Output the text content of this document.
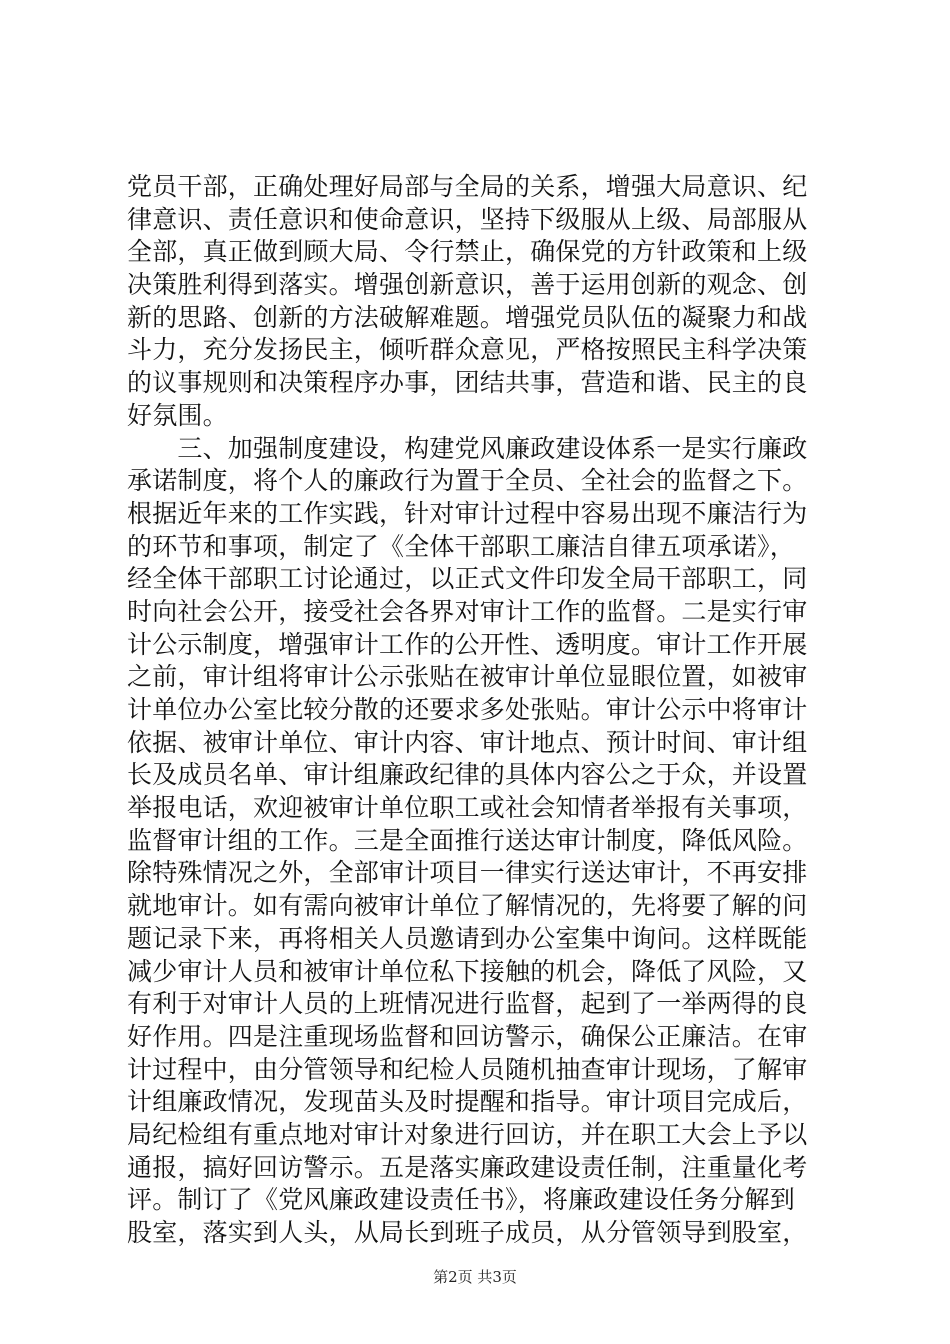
党员干部，正确处理好局部与全局的关系，增强大局意识、纪
律意识、责任意识和使命意识，坚持下级服从上级、局部服从
全部，真正做到顾大局、令行禁止，确保党的方针政策和上级
决策胜利得到落实。增强创新意识，善于运用创新的观念、创
新的思路、创新的方法破解难题。增强党员队伍的凝聚力和战
斗力，充分发扬民主，倾听群众意见，严格按照民主科学决策
的议事规则和决策程序办事，团结共事，营造和谐、民主的良
好氛围。
　　三、加强制度建设，构建党风廉政建设体系一是实行廉政
承诺制度，将个人的廉政行为置于全员、全社会的监督之下。
根据近年来的工作实践，针对审计过程中容易出现不廉洁行为
的环节和事项，制定了《全体干部职工廉洁自律五项承诺》，
经全体干部职工讨论通过，以正式文件印发全局干部职工，同
时向社会公开，接受社会各界对审计工作的监督。二是实行审
计公示制度，增强审计工作的公开性、透明度。审计工作开展
之前，审计组将审计公示张贴在被审计单位显眼位置，如被审
计单位办公室比较分散的还要求多处张贴。审计公示中将审计
依据、被审计单位、审计内容、审计地点、预计时间、审计组
长及成员名单、审计组廉政纪律的具体内容公之于众，并设置
举报电话，欢迎被审计单位职工或社会知情者举报有关事项，
监督审计组的工作。三是全面推行送达审计制度，降低风险。
除特殊情况之外，全部审计项目一律实行送达审计，不再安排
就地审计。如有需向被审计单位了解情况的，先将要了解的问
题记录下来，再将相关人员邀请到办公室集中询问。这样既能
减少审计人员和被审计单位私下接触的机会，降低了风险，又
有利于对审计人员的上班情况进行监督，起到了一举两得的良
好作用。四是注重现场监督和回访警示，确保公正廉洁。在审
计过程中，由分管领导和纪检人员随机抽查审计现场，了解审
计组廉政情况，发现苗头及时提醒和指导。审计项目完成后，
局纪检组有重点地对审计对象进行回访，并在职工大会上予以
通报，搞好回访警示。五是落实廉政建设责任制，注重量化考
评。制订了《党风廉政建设责任书》，将廉政建设任务分解到
股室，落实到人头，从局长到班子成员，从分管领导到股室，
第2页 共3页
